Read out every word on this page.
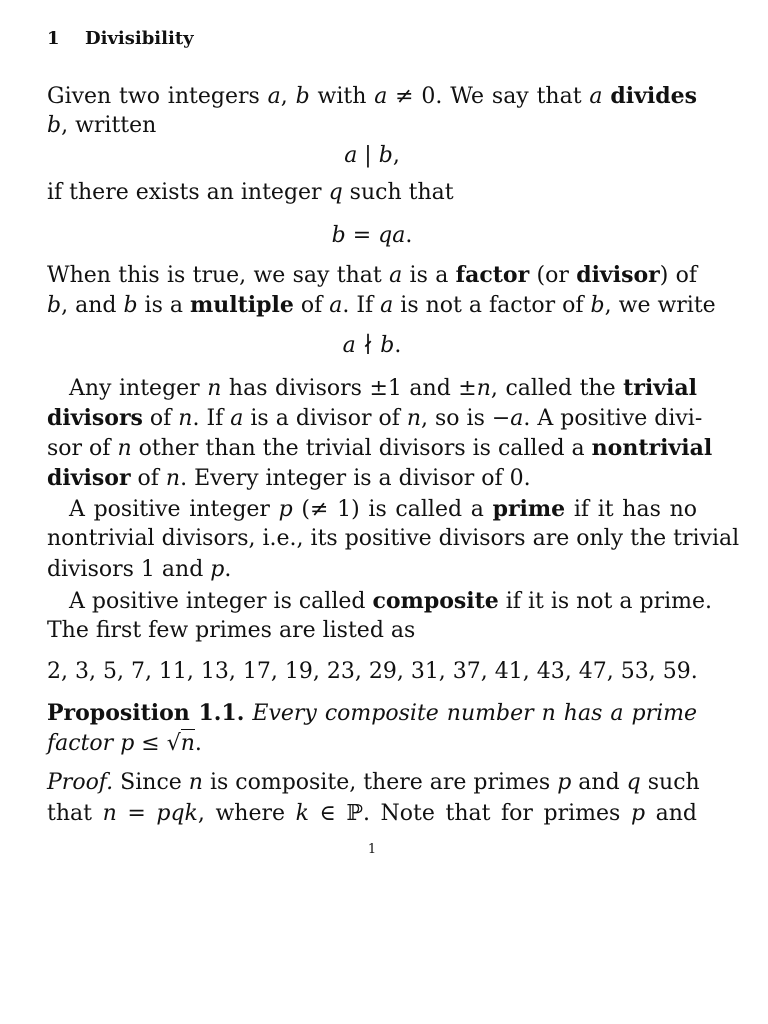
1 Divisibility
Given two integers a, b with a ≠ 0. We say that a divides
b, written
a | b,
if there exists an integer q such that
b = qa.
When this is true, we say that a is a factor (or divisor) of
b, and b is a multiple of a. If a is not a factor of b, we write
a ∤ b.
Any integer n has divisors ±1 and ±n, called the trivial
divisors of n. If a is a divisor of n, so is −a. A positive divi-
sor of n other than the trivial divisors is called a nontrivial
divisor of n. Every integer is a divisor of 0.
A positive integer p (≠ 1) is called a prime if it has no
nontrivial divisors, i.e., its positive divisors are only the trivial
divisors 1 and p.
A positive integer is called composite if it is not a prime.
The first few primes are listed as
2, 3, 5, 7, 11, 13, 17, 19, 23, 29, 31, 37, 41, 43, 47, 53, 59.
Proposition 1.1. Every composite number n has a prime
factor p ≤ √n.
Proof. Since n is composite, there are primes p and q such
that n = pqk, where k ∈ ℙ. Note that for primes p and
1
